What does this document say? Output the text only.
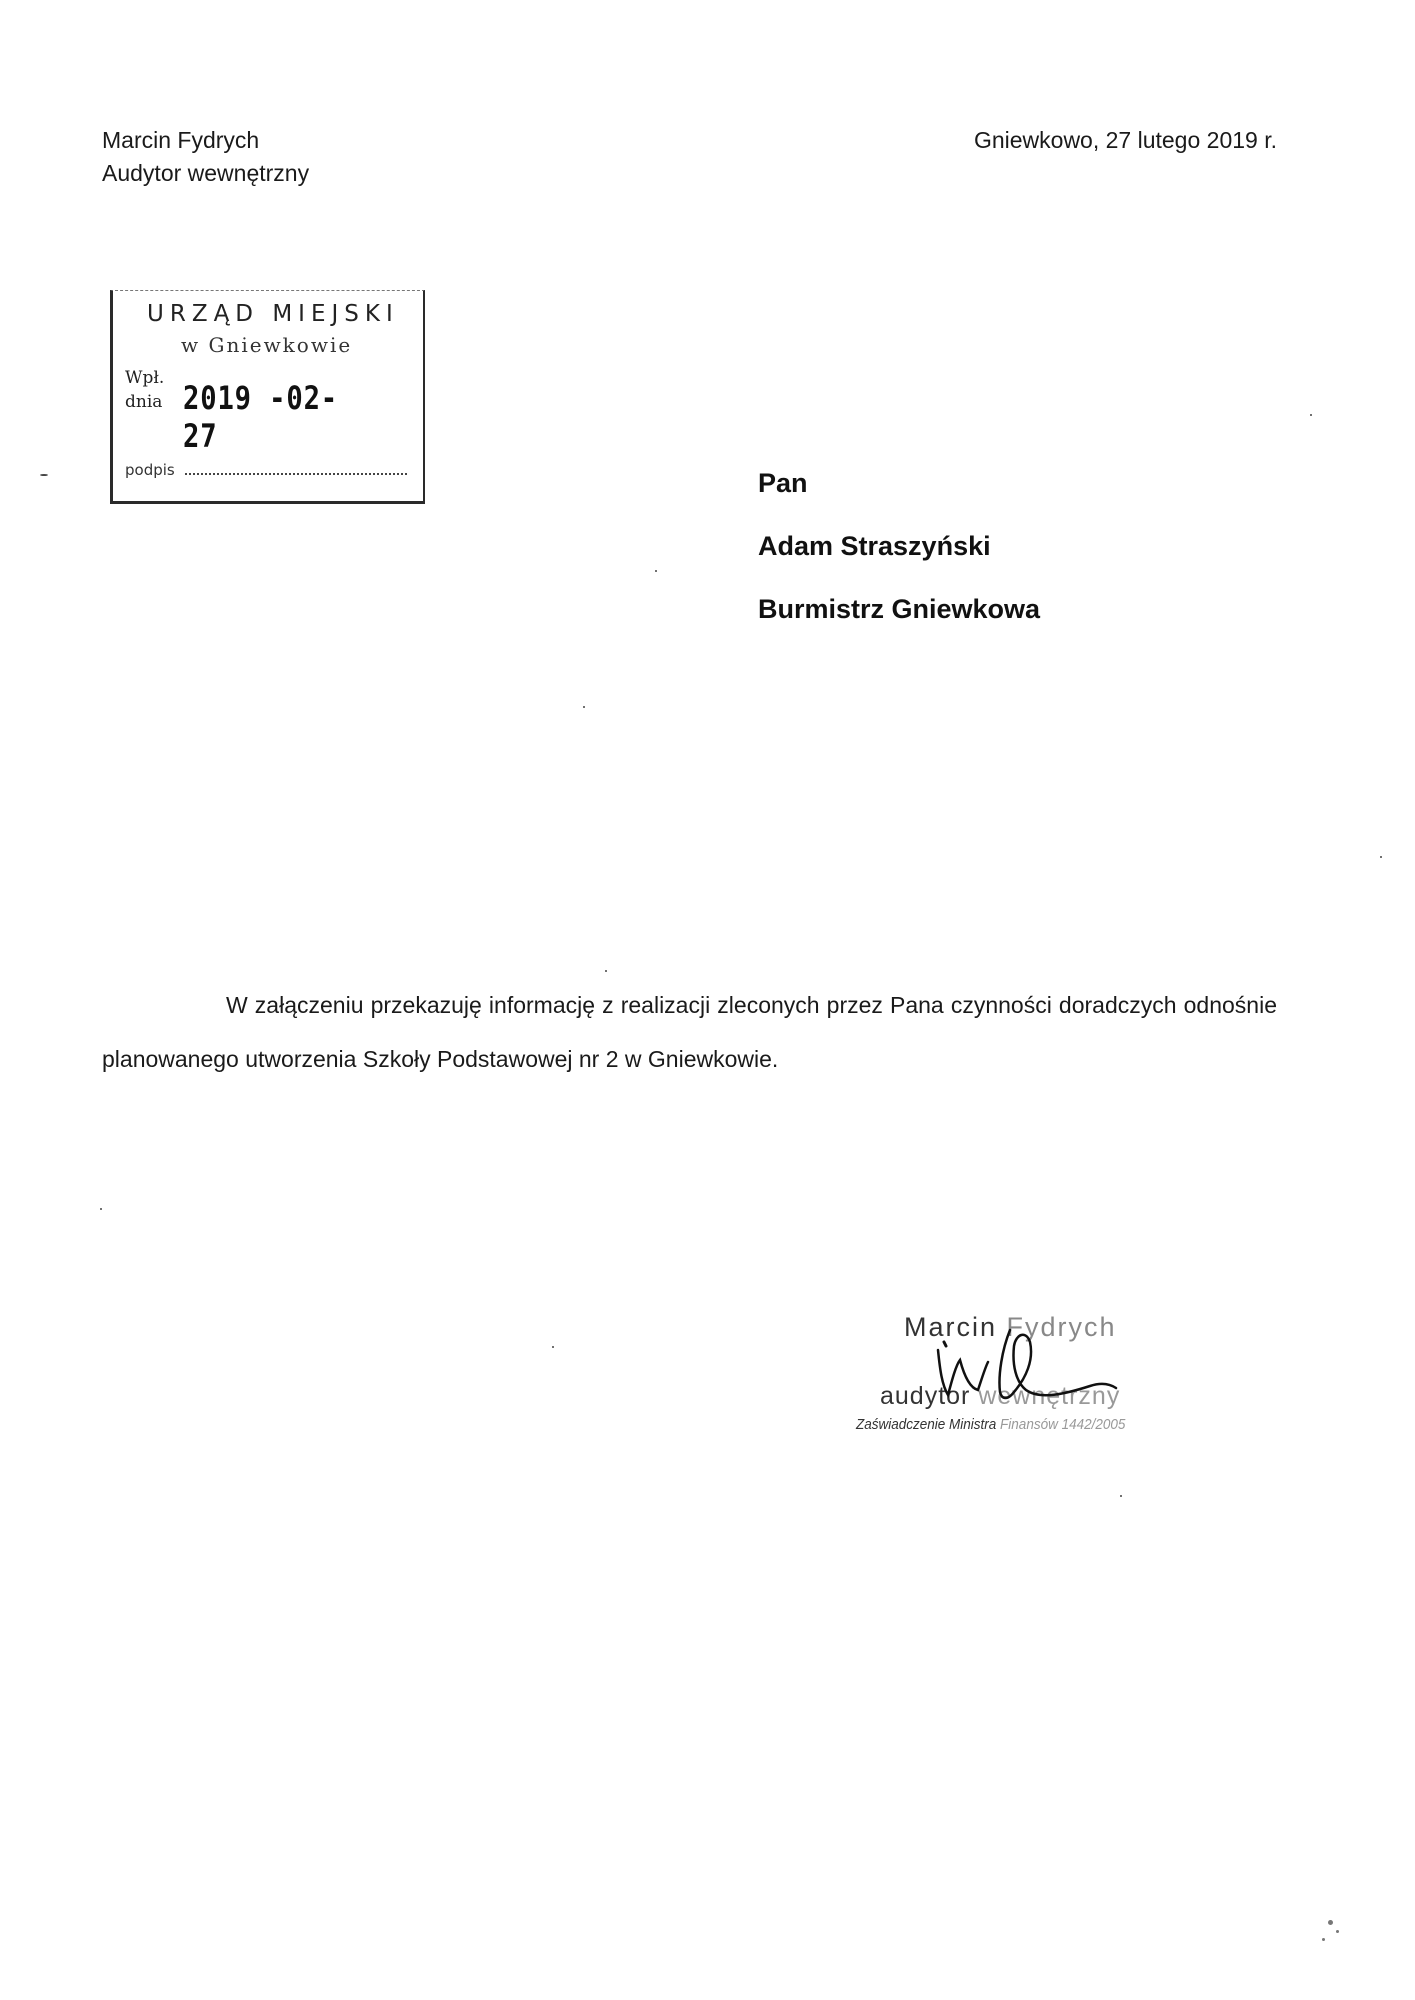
Marcin Fydrych
Audytor wewnętrzny
Gniewkowo, 27 lutego 2019 r.
URZĄD MIEJSKI
w Gniewkowie
Wpł.
dnia 2019 -02- 27
podpis	Pan
Adam Straszyński
Burmistrz Gniewkowa
W załączeniu przekazuję informację z realizacji zleconych przez Pana czynności doradczych odnośnie planowanego utworzenia Szkoły Podstawowej nr 2 w Gniewkowie.
Marcin Fydrych
audytor wewnętrzny
Zaświadczenie Ministra Finansów 1442/2005
